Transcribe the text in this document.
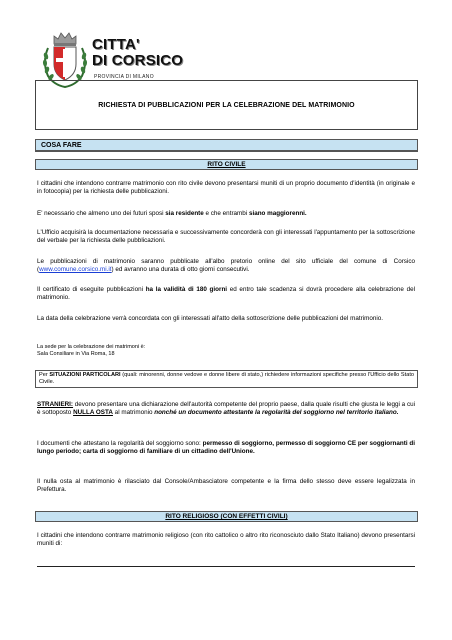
CITTA'
DI CORSICO
PROVINCIA DI MILANO
RICHIESTA DI PUBBLICAZIONI PER LA CELEBRAZIONE DEL MATRIMONIO
COSA FARE
RITO CIVILE

I cittadini che intendono contrarre matrimonio con rito civile devono presentarsi muniti di un proprio documento d'identità (in originale e in fotocopia) per la richiesta delle pubblicazioni.

E' necessario che almeno uno dei futuri sposi sia residente e che entrambi siano maggiorenni.

L'Ufficio acquisirà la documentazione necessaria e successivamente concorderà con gli interessati l'appuntamento per la sottoscrizione del verbale per la richiesta delle pubblicazioni.

Le pubblicazioni di matrimonio saranno pubblicate all'albo pretorio online del sito ufficiale del comune di Corsico (www.comune.corsico.mi.it) ed avranno una durata di otto giorni consecutivi.

Il certificato di eseguite pubblicazioni ha la validità di 180 giorni ed entro tale scadenza si dovrà procedere alla celebrazione del matrimonio.

La data della celebrazione verrà concordata con gli interessati all'atto della sottoscrizione delle pubblicazioni del matrimonio.

La sede per la celebrazione dei matrimoni è:
Sala Consiliare in Via Roma, 18
Per SITUAZIONI PARTICOLARI (quali: minorenni, donne vedove e donne libere di stato,) richiedere informazioni specifiche presso l'Ufficio dello Stato Civile.

STRANIERI: devono presentare una dichiarazione dell'autorità competente del proprio paese, dalla quale risulti che giusta le leggi a cui è sottoposto NULLA OSTA al matrimonio nonché un documento attestante la regolarità del soggiorno nel territorio italiano.

I documenti che attestano la regolarità del soggiorno sono: permesso di soggiorno, permesso di soggiorno CE per soggiornanti di lungo periodo; carta di soggiorno di familiare di un cittadino dell'Unione.

Il nulla osta al matrimonio è rilasciato dal Console/Ambasciatore competente e la firma dello stesso deve essere legalizzata in Prefettura.

RITO RELIGIOSO (CON EFFETTI CIVILI)

I cittadini che intendono contrarre matrimonio religioso (con rito cattolico o altro rito riconosciuto dallo Stato Italiano) devono presentarsi muniti di:
